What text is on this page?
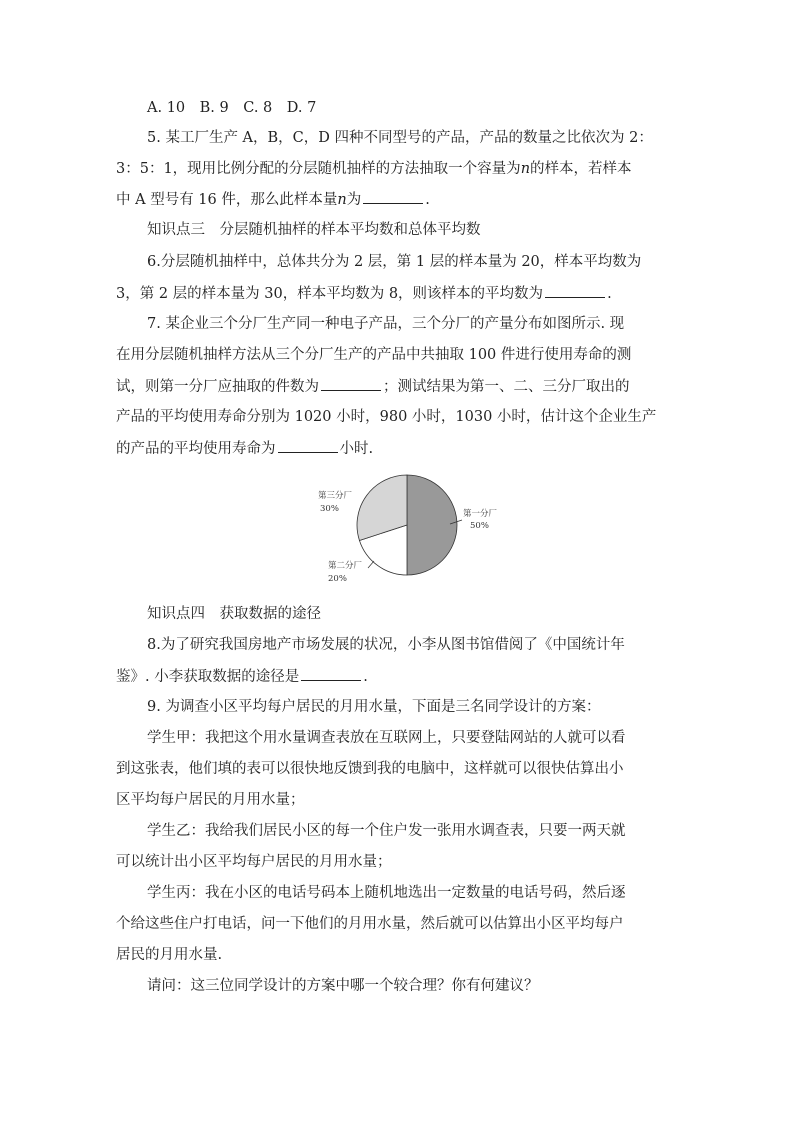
A. 10　B. 9　C. 8　D. 7
5. 某工厂生产 A，B，C，D 四种不同型号的产品，产品的数量之比依次为 2：
3：5：1，现用比例分配的分层随机抽样的方法抽取一个容量为n的样本，若样本
中 A 型号有 16 件，那么此样本量n为	.
知识点三　分层随机抽样的样本平均数和总体平均数
6.分层随机抽样中，总体共分为 2 层，第 1 层的样本量为 20，样本平均数为
3，第 2 层的样本量为 30，样本平均数为 8，则该样本的平均数为	.
7. 某企业三个分厂生产同一种电子产品，三个分厂的产量分布如图所示. 现
在用分层随机抽样方法从三个分厂生产的产品中共抽取 100 件进行使用寿命的测
试，则第一分厂应抽取的件数为	；测试结果为第一、二、三分厂取出的
产品的平均使用寿命分别为 1020 小时，980 小时，1030 小时，估计这个企业生产
的产品的平均使用寿命为	小时.
第一分厂
50%
第三分厂
30%
第二分厂
20%
知识点四　获取数据的途径
8.为了研究我国房地产市场发展的状况，小李从图书馆借阅了《中国统计年
鉴》. 小李获取数据的途径是	.
9. 为调查小区平均每户居民的月用水量，下面是三名同学设计的方案：
学生甲：我把这个用水量调查表放在互联网上，只要登陆网站的人就可以看
到这张表，他们填的表可以很快地反馈到我的电脑中，这样就可以很快估算出小
区平均每户居民的月用水量；
学生乙：我给我们居民小区的每一个住户发一张用水调查表，只要一两天就
可以统计出小区平均每户居民的月用水量；
学生丙：我在小区的电话号码本上随机地选出一定数量的电话号码，然后逐
个给这些住户打电话，问一下他们的月用水量，然后就可以估算出小区平均每户
居民的月用水量.
请问：这三位同学设计的方案中哪一个较合理？你有何建议？
